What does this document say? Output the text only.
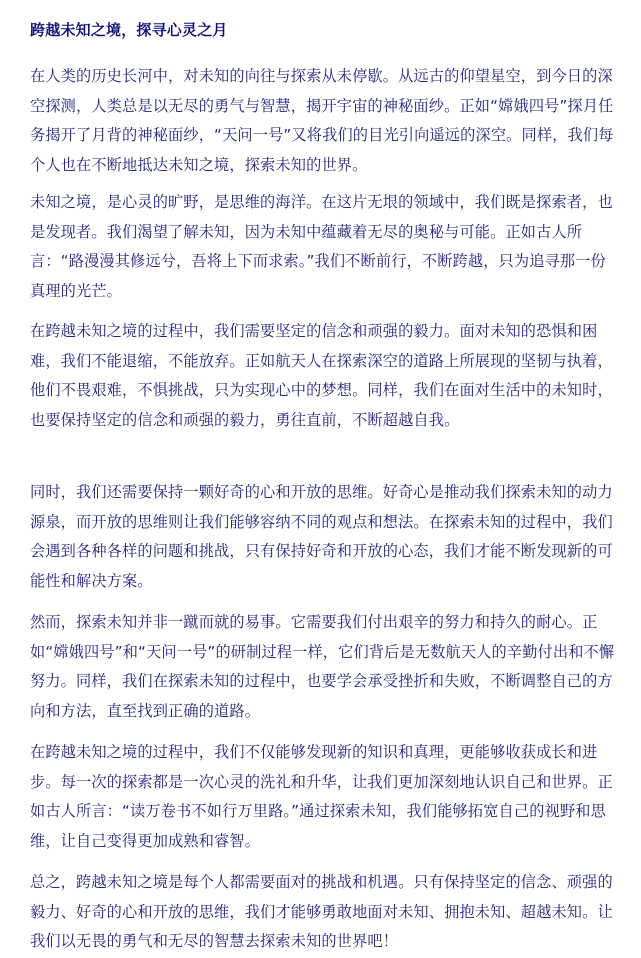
跨越未知之境，探寻心灵之月

在人类的历史长河中，对未知的向往与探索从未停歇。从远古的仰望星空，到今日的深空探测，人类总是以无尽的勇气与智慧，揭开宇宙的神秘面纱。正如“嫦娥四号”探月任务揭开了月背的神秘面纱，“天问一号”又将我们的目光引向遥远的深空。同样，我们每个人也在不断地抵达未知之境，探索未知的世界。

未知之境，是心灵的旷野，是思维的海洋。在这片无垠的领域中，我们既是探索者，也是发现者。我们渴望了解未知，因为未知中蕴藏着无尽的奥秘与可能。正如古人所言：“路漫漫其修远兮，吾将上下而求索。”我们不断前行，不断跨越，只为追寻那一份真理的光芒。

在跨越未知之境的过程中，我们需要坚定的信念和顽强的毅力。面对未知的恐惧和困难，我们不能退缩，不能放弃。正如航天人在探索深空的道路上所展现的坚韧与执着，他们不畏艰难，不惧挑战，只为实现心中的梦想。同样，我们在面对生活中的未知时，也要保持坚定的信念和顽强的毅力，勇往直前，不断超越自我。

同时，我们还需要保持一颗好奇的心和开放的思维。好奇心是推动我们探索未知的动力源泉，而开放的思维则让我们能够容纳不同的观点和想法。在探索未知的过程中，我们会遇到各种各样的问题和挑战，只有保持好奇和开放的心态，我们才能不断发现新的可能性和解决方案。

然而，探索未知并非一蹴而就的易事。它需要我们付出艰辛的努力和持久的耐心。正如“嫦娥四号”和“天问一号”的研制过程一样，它们背后是无数航天人的辛勤付出和不懈努力。同样，我们在探索未知的过程中，也要学会承受挫折和失败，不断调整自己的方向和方法，直至找到正确的道路。

在跨越未知之境的过程中，我们不仅能够发现新的知识和真理，更能够收获成长和进步。每一次的探索都是一次心灵的洗礼和升华，让我们更加深刻地认识自己和世界。正如古人所言：“读万卷书不如行万里路。”通过探索未知，我们能够拓宽自己的视野和思维，让自己变得更加成熟和睿智。

总之，跨越未知之境是每个人都需要面对的挑战和机遇。只有保持坚定的信念、顽强的毅力、好奇的心和开放的思维，我们才能够勇敢地面对未知、拥抱未知、超越未知。让我们以无畏的勇气和无尽的智慧去探索未知的世界吧！
